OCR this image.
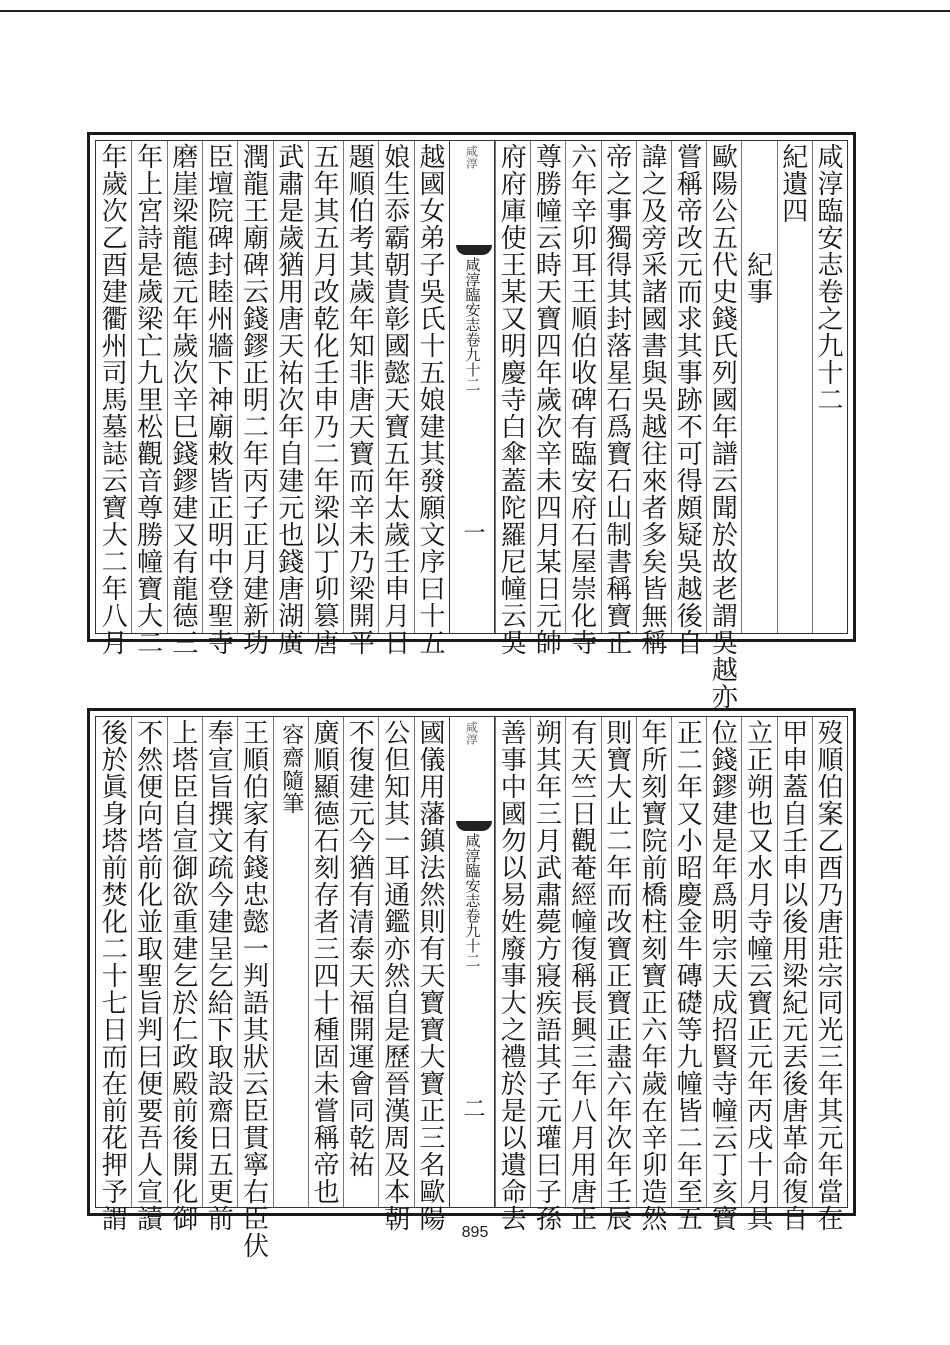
咸淳臨安志卷之九十二
紀遺四
紀事
歐陽公五代史錢氏列國年譜云聞於故老謂吳越亦
嘗稱帝改元而求其事跡不可得頗疑吳越後自
諱之及旁采諸國書與吳越往來者多矣皆無稱
帝之事獨得其封落星石爲寶石山制書稱寶正
六年辛卯耳王順伯收碑有臨安府石屋崇化寺
尊勝幢云時天寶四年歲次辛未四月某日元帥
府府庫使王某又明慶寺白傘蓋陀羅尼幢云吳
咸淳
咸淳臨安志卷九十二
一
越國女弟子吳氏十五娘建其發願文序曰十五
娘生忝霸朝貴彰國懿天寶五年太歲壬申月日
題順伯考其歲年知非唐天寶而辛未乃梁開平
五年其五月改乾化壬申乃二年梁以丁卯篡唐
武肅是歲猶用唐天祐次年自建元也錢唐湖廣
潤龍王廟碑云錢鏐正明二年丙子正月建新功
臣壇院碑封睦州牆下神廟敕皆正明中登聖寺
磨崖梁龍德元年歲次辛巳錢鏐建又有龍德三
年上宮詩是歲梁亡九里松觀音尊勝幢寶大二
年歲次乙酉建衢州司馬墓誌云寶大二年八月
歿順伯案乙酉乃唐莊宗同光三年其元年當在
甲申蓋自壬申以後用梁紀元丟後唐革命復自
立正朔也又水月寺幢云寶正元年丙戌十月具
位錢鏐建是年爲明宗天成招賢寺幢云丁亥寶
正二年又小昭慶金牛磚礎等九幢皆二年至五
年所刻寶院前橋柱刻寶正六年歲在辛卯造然
則寶大止二年而改寶正寶正盡六年次年壬辰
有天竺日觀菴經幢復稱長興三年八月用唐正
朔其年三月武肅薨方寢疾語其子元瓘曰子孫
善事中國勿以易姓廢事大之禮於是以遺命去
咸淳
咸淳臨安志卷九十二
二
國儀用藩鎮法然則有天寶寶大寶正三名歐陽
公但知其一耳通鑑亦然自是歷晉漢周及本朝
不復建元今猶有清泰天福開運會同乾祐
廣順顯德石刻存者三四十種固未嘗稱帝也
容齋隨筆
王順伯家有錢忠懿一判語其狀云臣貫寧右臣伏
奉宣旨撰文疏今建呈乞給下取設齋日五更前
上塔臣自宣御欲重建乞於仁政殿前後開化御
不然便向塔前化並取聖旨判曰便要吾人宣讀
後於眞身塔前焚化二十七日而在前花押予謂
895
